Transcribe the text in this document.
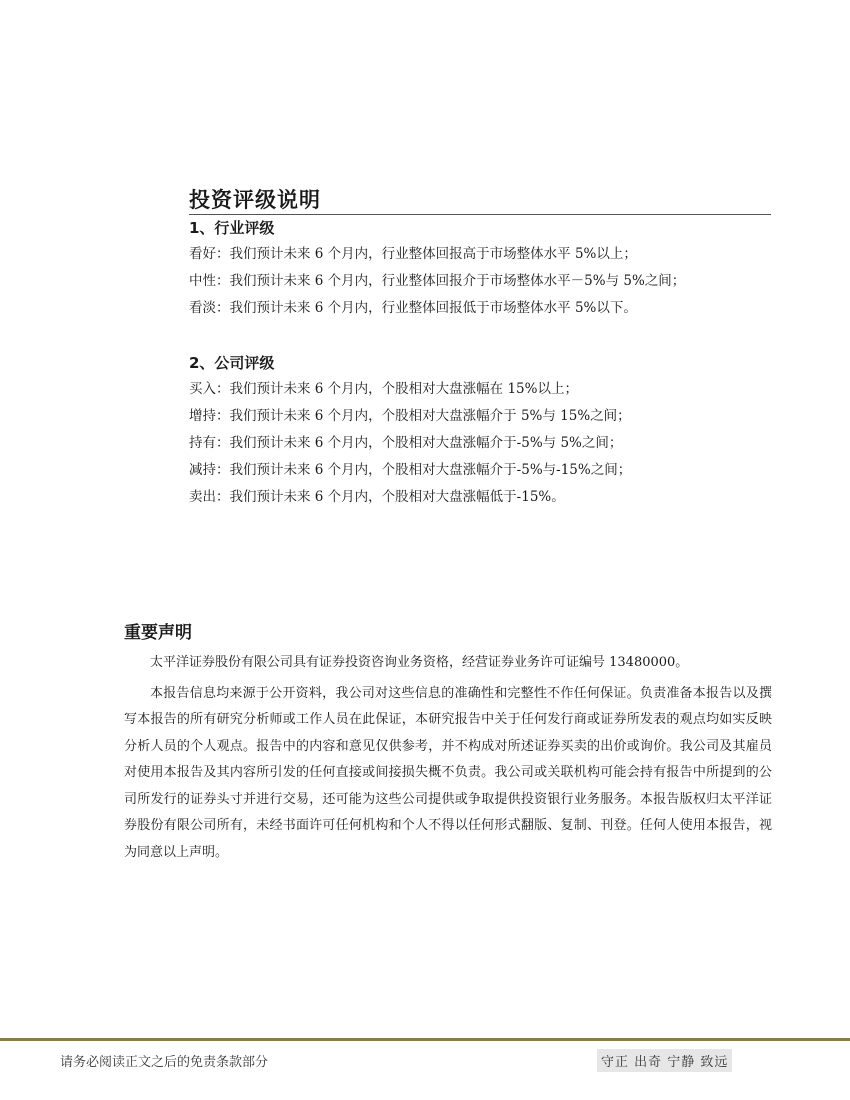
投资评级说明
1、行业评级
看好：我们预计未来 6 个月内，行业整体回报高于市场整体水平 5%以上；
中性：我们预计未来 6 个月内，行业整体回报介于市场整体水平－5%与 5%之间；
看淡：我们预计未来 6 个月内，行业整体回报低于市场整体水平 5%以下。
2、公司评级
买入：我们预计未来 6 个月内，个股相对大盘涨幅在 15%以上；
增持：我们预计未来 6 个月内，个股相对大盘涨幅介于 5%与 15%之间；
持有：我们预计未来 6 个月内，个股相对大盘涨幅介于-5%与 5%之间；
减持：我们预计未来 6 个月内，个股相对大盘涨幅介于-5%与-15%之间；
卖出：我们预计未来 6 个月内，个股相对大盘涨幅低于-15%。
重要声明

太平洋证券股份有限公司具有证券投资咨询业务资格，经营证券业务许可证编号 13480000。

本报告信息均来源于公开资料，我公司对这些信息的准确性和完整性不作任何保证。负责准备本报告以及撰写本报告的所有研究分析师或工作人员在此保证，本研究报告中关于任何发行商或证券所发表的观点均如实反映分析人员的个人观点。报告中的内容和意见仅供参考，并不构成对所述证券买卖的出价或询价。我公司及其雇员对使用本报告及其内容所引发的任何直接或间接损失概不负责。我公司或关联机构可能会持有报告中所提到的公司所发行的证券头寸并进行交易，还可能为这些公司提供或争取提供投资银行业务服务。本报告版权归太平洋证券股份有限公司所有，未经书面许可任何机构和个人不得以任何形式翻版、复制、刊登。任何人使用本报告，视为同意以上声明。

请务必阅读正文之后的免责条款部分	守正 出奇 宁静 致远
